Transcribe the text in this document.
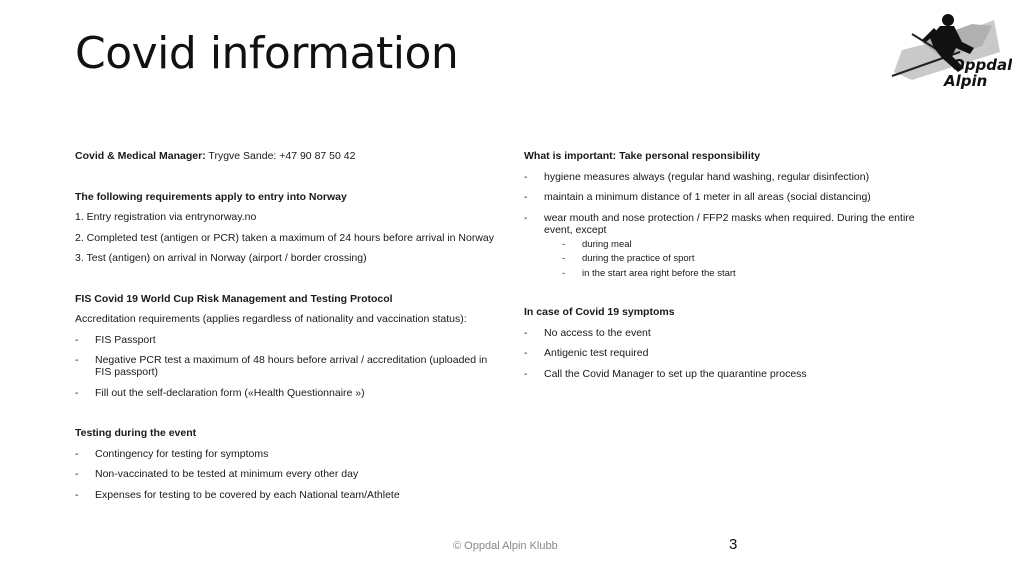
Covid information	Oppdal
Alpin

Covid & Medical Manager: Trygve Sande: +47 90 87 50 42

The following requirements apply to entry into Norway

1. Entry registration via entrynorway.no

2. Completed test (antigen or PCR) taken a maximum of 24 hours before arrival in Norway

3. Test (antigen) on arrival in Norway (airport / border crossing)

FIS Covid 19 World Cup Risk Management and Testing Protocol

Accreditation requirements (applies regardless of nationality and vaccination status):

- FIS Passport
- Negative PCR test a maximum of 48 hours before arrival / accreditation (uploaded in FIS passport)
- Fill out the self-declaration form («Health Questionnaire »)

Testing during the event

- Contingency for testing for symptoms
- Non-vaccinated to be tested at minimum every other day
- Expenses for testing to be covered by each National team/Athlete

What is important: Take personal responsibility

- hygiene measures always (regular hand washing, regular disinfection)
- maintain a minimum distance of 1 meter in all areas (social distancing)
- wear mouth and nose protection / FFP2 masks when required. During the entire event, except
- during meal
- during the practice of sport
- in the start area right before the start

In case of Covid 19 symptoms

- No access to the event
- Antigenic test required
- Call the Covid Manager to set up the quarantine process
© Oppdal Alpin Klubb	3
